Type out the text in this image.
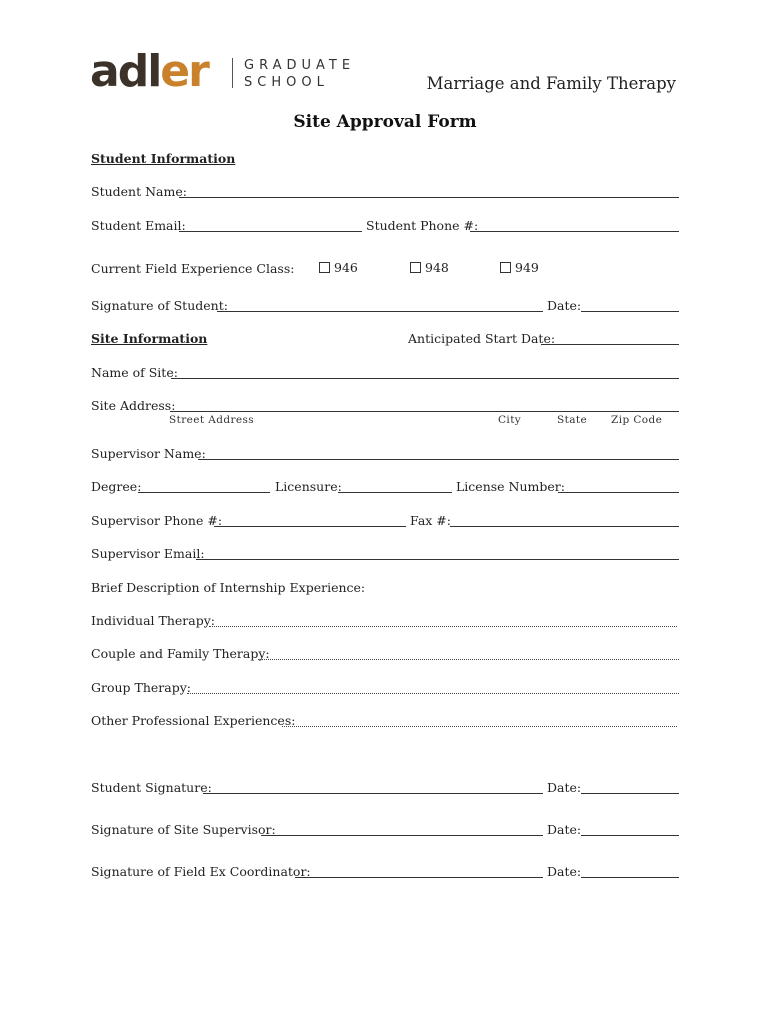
adler	GRADUATE
SCHOOL	Marriage and Family Therapy
Site Approval Form
Student Information
Student Name:
Student Email:	Student Phone #:
Current Field Experience Class:	946	948	949
Signature of Student:	Date:
Site Information	Anticipated Start Date:
Name of Site:
Site Address:
Street Address	City	State Zip Code
Supervisor Name:
Degree:	Licensure:	License Number:
Supervisor Phone #:	Fax #:
Supervisor Email:
Brief Description of Internship Experience:
Individual Therapy:
Couple and Family Therapy:
Group Therapy:
Other Professional Experiences:
Student Signature:	Date:
Signature of Site Supervisor:	Date:
Signature of Field Ex Coordinator:	Date:
